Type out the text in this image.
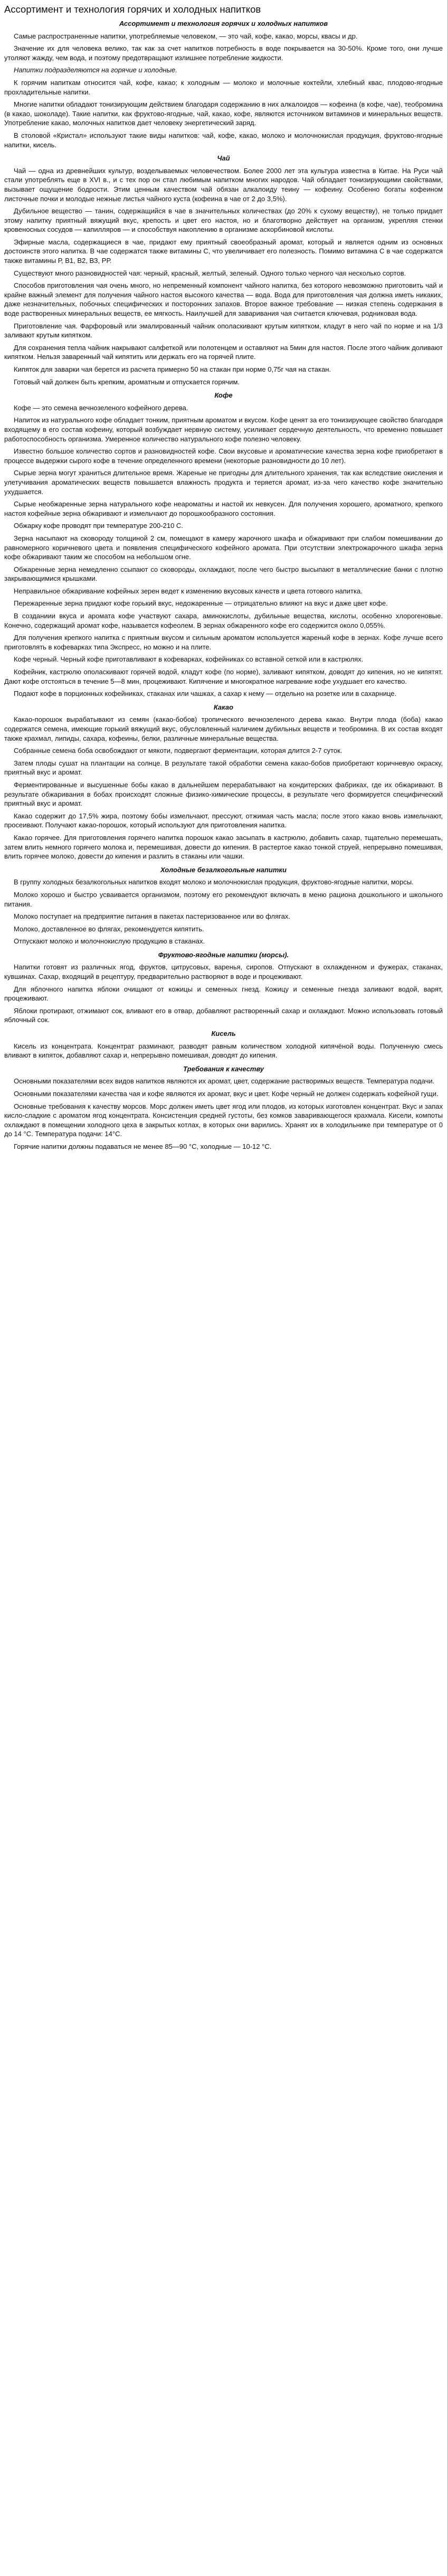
Ассортимент и технология горячих и холодных напитков
Ассортимент и технология горячих и холодных напитков

Самые распространенные напитки, употребляемые человеком, — это чай, кофе, какао, морсы, квасы и др.

Значение их для человека велико, так как за счет напитков потребность в воде покрывается на 30-50%. Кроме того, они лучше утоляют жажду, чем вода, и поэтому предотвращают излишнее потребление жидкости.

Напитки подразделяются на горячие и холодные.

К горячим напиткам относится чай, кофе, какао; к холодным — молоко и молочные коктейли, хлебный квас, плодово-ягодные прохладительные напитки.

Многие напитки обладают тонизирующим действием благодаря содержанию в них алкалоидов — кофеина (в кофе, чае), теобромина (в какао, шоколаде). Такие напитки, как фруктово-ягодные, чай, какао, кофе, являются источником витаминов и минеральных веществ. Употребление какао, молочных напитков дает человеку энергетический заряд.

В столовой «Кристал» используют такие виды напитков: чай, кофе, какао, молоко и молочнокислая продукция, фруктово-ягодные напитки, кисель.

Чай

Чай — одна из древнейших культур, возделываемых человечеством. Более 2000 лет эта культура известна в Китае. На Руси чай стали употреблять еще в XVI в., и с тех пор он стал любимым напитком многих народов. Чай обладает тонизирующими свойствами, вызывает ощущение бодрости. Этим ценным качеством чай обязан алкалоиду теину — кофеину. Особенно богаты кофеином листочные почки и молодые нежные листья чайного куста (кофеина в чае от 2 до 3,5%).

Дубильное вещество — танин, содержащийся в чае в значительных количествах (до 20% к сухому веществу), не только придает этому напитку приятный вяжущий вкус, крепость и цвет его настоя, но и благотворно действует на организм, укрепляя стенки кровеносных сосудов — капилляров — и способствуя накоплению в организме аскорбиновой кислоты.

Эфирные масла, содержащиеся в чае, придают ему приятный своеобразный аромат, который и является одним из основных достоинств этого напитка. В чае содержатся также витамины С, что увеличивает его полезность. Помимо витамина С в чае содержатся также витамины Р, В1, В2, ВЗ, РР.

Существуют много разновидностей чая: черный, красный, желтый, зеленый. Одного только черного чая несколько сортов.

Способов приготовления чая очень много, но непременный компонент чайного напитка, без которого невозможно приготовить чай и крайне важный элемент для получения чайного настоя высокого качества — вода. Вода для приготовления чая должна иметь никаких, даже незначительных, побочных специфических и посторонних запахов. Второе важное требование — низкая степень содержания в воде растворенных минеральных веществ, ее мягкость. Наилучшей для заваривания чая считается ключевая, родниковая вода.

Приготовление чая. Фарфоровый или эмалированный чайник ополаскивают крутым кипятком, кладут в него чай по норме и на 1/3 заливают крутым кипятком.

Для сохранения тепла чайник накрывают салфеткой или полотенцем и оставляют на 5мин для настоя. После этого чайник доливают кипятком. Нельзя заваренный чай кипятить или держать его на горячей плите.

Кипяток для заварки чая берется из расчета примерно 50 на стакан при норме 0,75г чая на стакан.

Готовый чай должен быть крепким, ароматным и отпускается горячим.

Кофе

Кофе — это семена вечнозеленого кофейного дерева.

Напиток из натурального кофе обладает тонким, приятным ароматом и вкусом. Кофе ценят за его тонизирующее свойство благодаря входящему в его состав кофеину, который возбуждает нервную систему, усиливает сердечную деятельность, что временно повышает работоспособность организма. Умеренное количество натурального кофе полезно человеку.

Известно большое количество сортов и разновидностей кофе. Свои вкусовые и ароматические качества зерна кофе приобретают в процессе выдержки сырого кофе в течение определенного времени (некоторые разновидности до 10 лет).

Сырые зерна могут храниться длительное время. Жареные не пригодны для длительного хранения, так как вследствие окисления и улетучивания ароматических веществ повышается влажность продукта и теряется аромат, из-за чего качество кофе значительно ухудшается.

Сырые необжаренные зерна натурального кофе неароматны и настой их невкусен. Для получения хорошего, ароматного, крепкого настоя кофейные зерна обжаривают и измельчают до порошкообразного состояния.

Обжарку кофе проводят при температуре 200-210 С.

Зерна насыпают на сковороду толщиной 2 см, помещают в камеру жарочного шкафа и обжаривают при слабом помешивании до равномерного коричневого цвета и появления специфического кофейного аромата. При отсутствии электрожарочного шкафа зерна кофе обжаривают таким же способом на небольшом огне.

Обжаренные зерна немедленно ссыпают со сковороды, охлаждают, после чего быстро высыпают в металлические банки с плотно закрывающимися крышками.

Неправильное обжаривание кофейных зерен ведет к изменению вкусовых качеств и цвета готового напитка.

Пережаренные зерна придают кофе горький вкус, недожаренные — отрицательно влияют на вкус и даже цвет кофе.

В созданиии вкуса и аромата кофе участвуют сахара, аминокислоты, дубильные вещества, кислоты, особенно хлорогеновые. Конечно, содержащий аромат кофе, называется кофеолем. В зернах обжаренного кофе его содержится около 0,055%.

Для получения крепкого напитка с приятным вкусом и сильным ароматом используется жареный кофе в зернах. Кофе лучше всего приготовлять в кофеварках типа Экспресс, но можно и на плите.

Кофе черный. Черный кофе приготавливают в кофеварках, кофейниках со вставной сеткой или в кастрюлях.

Кофейник, кастрюлю ополаскивают горячей водой, кладут кофе (по норме), заливают кипятком, доводят до кипения, но не кипятят. Дают кофе отстояться в течение 5—8 мин, процеживают. Кипячение и многократное нагревание кофе ухудшает его качество.

Подают кофе в порционных кофейниках, стаканах или чашках, а сахар к нему — отдельно на розетке или в сахарнице.

Какао

Какао-порошок вырабатывают из семян (какао-бобов) тропического вечнозеленого дерева какао. Внутри плода (боба) какао содержатся семена, имеющие горький вяжущий вкус, обусловленный наличием дубильных веществ и теобромина. В их состав входят также крахмал, липиды, сахара, кофеины, белки, различные минеральные вещества.

Собранные семена боба освобождают от мякоти, подвергают ферментации, которая длится 2-7 суток.

Затем плоды сушат на плантации на солнце. В результате такой обработки семена какао-бобов приобретают коричневую окраску, приятный вкус и аромат.

Ферментированные и высушенные бобы какао в дальнейшем перерабатывают на кондитерских фабриках, где их обжаривают. В результате обжаривания в бобах происходят сложные физико-химические процессы, в результате чего формируется специфический приятный вкус и аромат.

Какао содержит до 17,5% жира, поэтому бобы измельчают, прессуют, отжимая часть масла; после этого какао вновь измельчают, просеивают. Получают какао-порошок, который используют для приготовления напитка.

Какао горячее. Для приготовления горячего напитка порошок какао засыпать в кастрюлю, добавить сахар, тщательно перемешать, затем влить немного горячего молока и, перемешивая, довести до кипения. В растертое какао тонкой струей, непрерывно помешивая, влить горячее молоко, довести до кипения и разлить в стаканы или чашки.

Холодные безалкогольные напитки

В группу холодных безалкогольных напитков входят молоко и молочнокислая продукция, фруктово-ягодные напитки, морсы.

Молоко хорошо и быстро усваивается организмом, поэтому его рекомендуют включать в меню рациона дошкольного и школьного питания.

Молоко поступает на предприятие питания в пакетах пастеризованное или во флягах.

Молоко, доставленное во флягах, рекомендуется кипятить.

Отпускают молоко и молочнокислую продукцию в стаканах.

Фруктово-ягодные напитки (морсы).

Напитки готовят из различных ягод, фруктов, цитрусовых, варенья, сиропов. Отпускают в охлажденном и фужерах, стаканах, кувшинах. Сахар, входящий в рецептуру, предварительно растворяют в воде и процеживают.

Для яблочного напитка яблоки очищают от кожицы и семенных гнезд. Кожицу и семенные гнезда заливают водой, варят, процеживают.

Яблоки протирают, отжимают сок, вливают его в отвар, добавляют растворенный сахар и охлаждают. Можно использовать готовый яблочный сок.

Кисель

Кисель из концентрата. Концентрат разминают, разводят равным количеством холодной кипячёной воды. Полученную смесь вливают в кипяток, добавляют сахар и, непрерывно помешивая, доводят до кипения.

Требования к качеству

Основными показателями всех видов напитков являются их аромат, цвет, содержание растворимых веществ. Температура подачи.

Основными показателями качества чая и кофе являются их аромат, вкус и цвет. Кофе черный не должен содержать кофейной гущи.

Основные требования к качеству морсов. Морс должен иметь цвет ягод или плодов, из которых изготовлен концентрат. Вкус и запах кисло-сладкие с ароматом ягод концентрата. Консистенция средней густоты, без комков заваривающегося крахмала. Кисели, компоты охлаждают в помещении холодного цеха в закрытых котлах, в которых они варились. Хранят их в холодильнике при температуре от 0 до 14 °C. Температура подачи: 14°C.

Горячие напитки должны подаваться не менее 85—90 °C, холодные — 10-12 °C.
